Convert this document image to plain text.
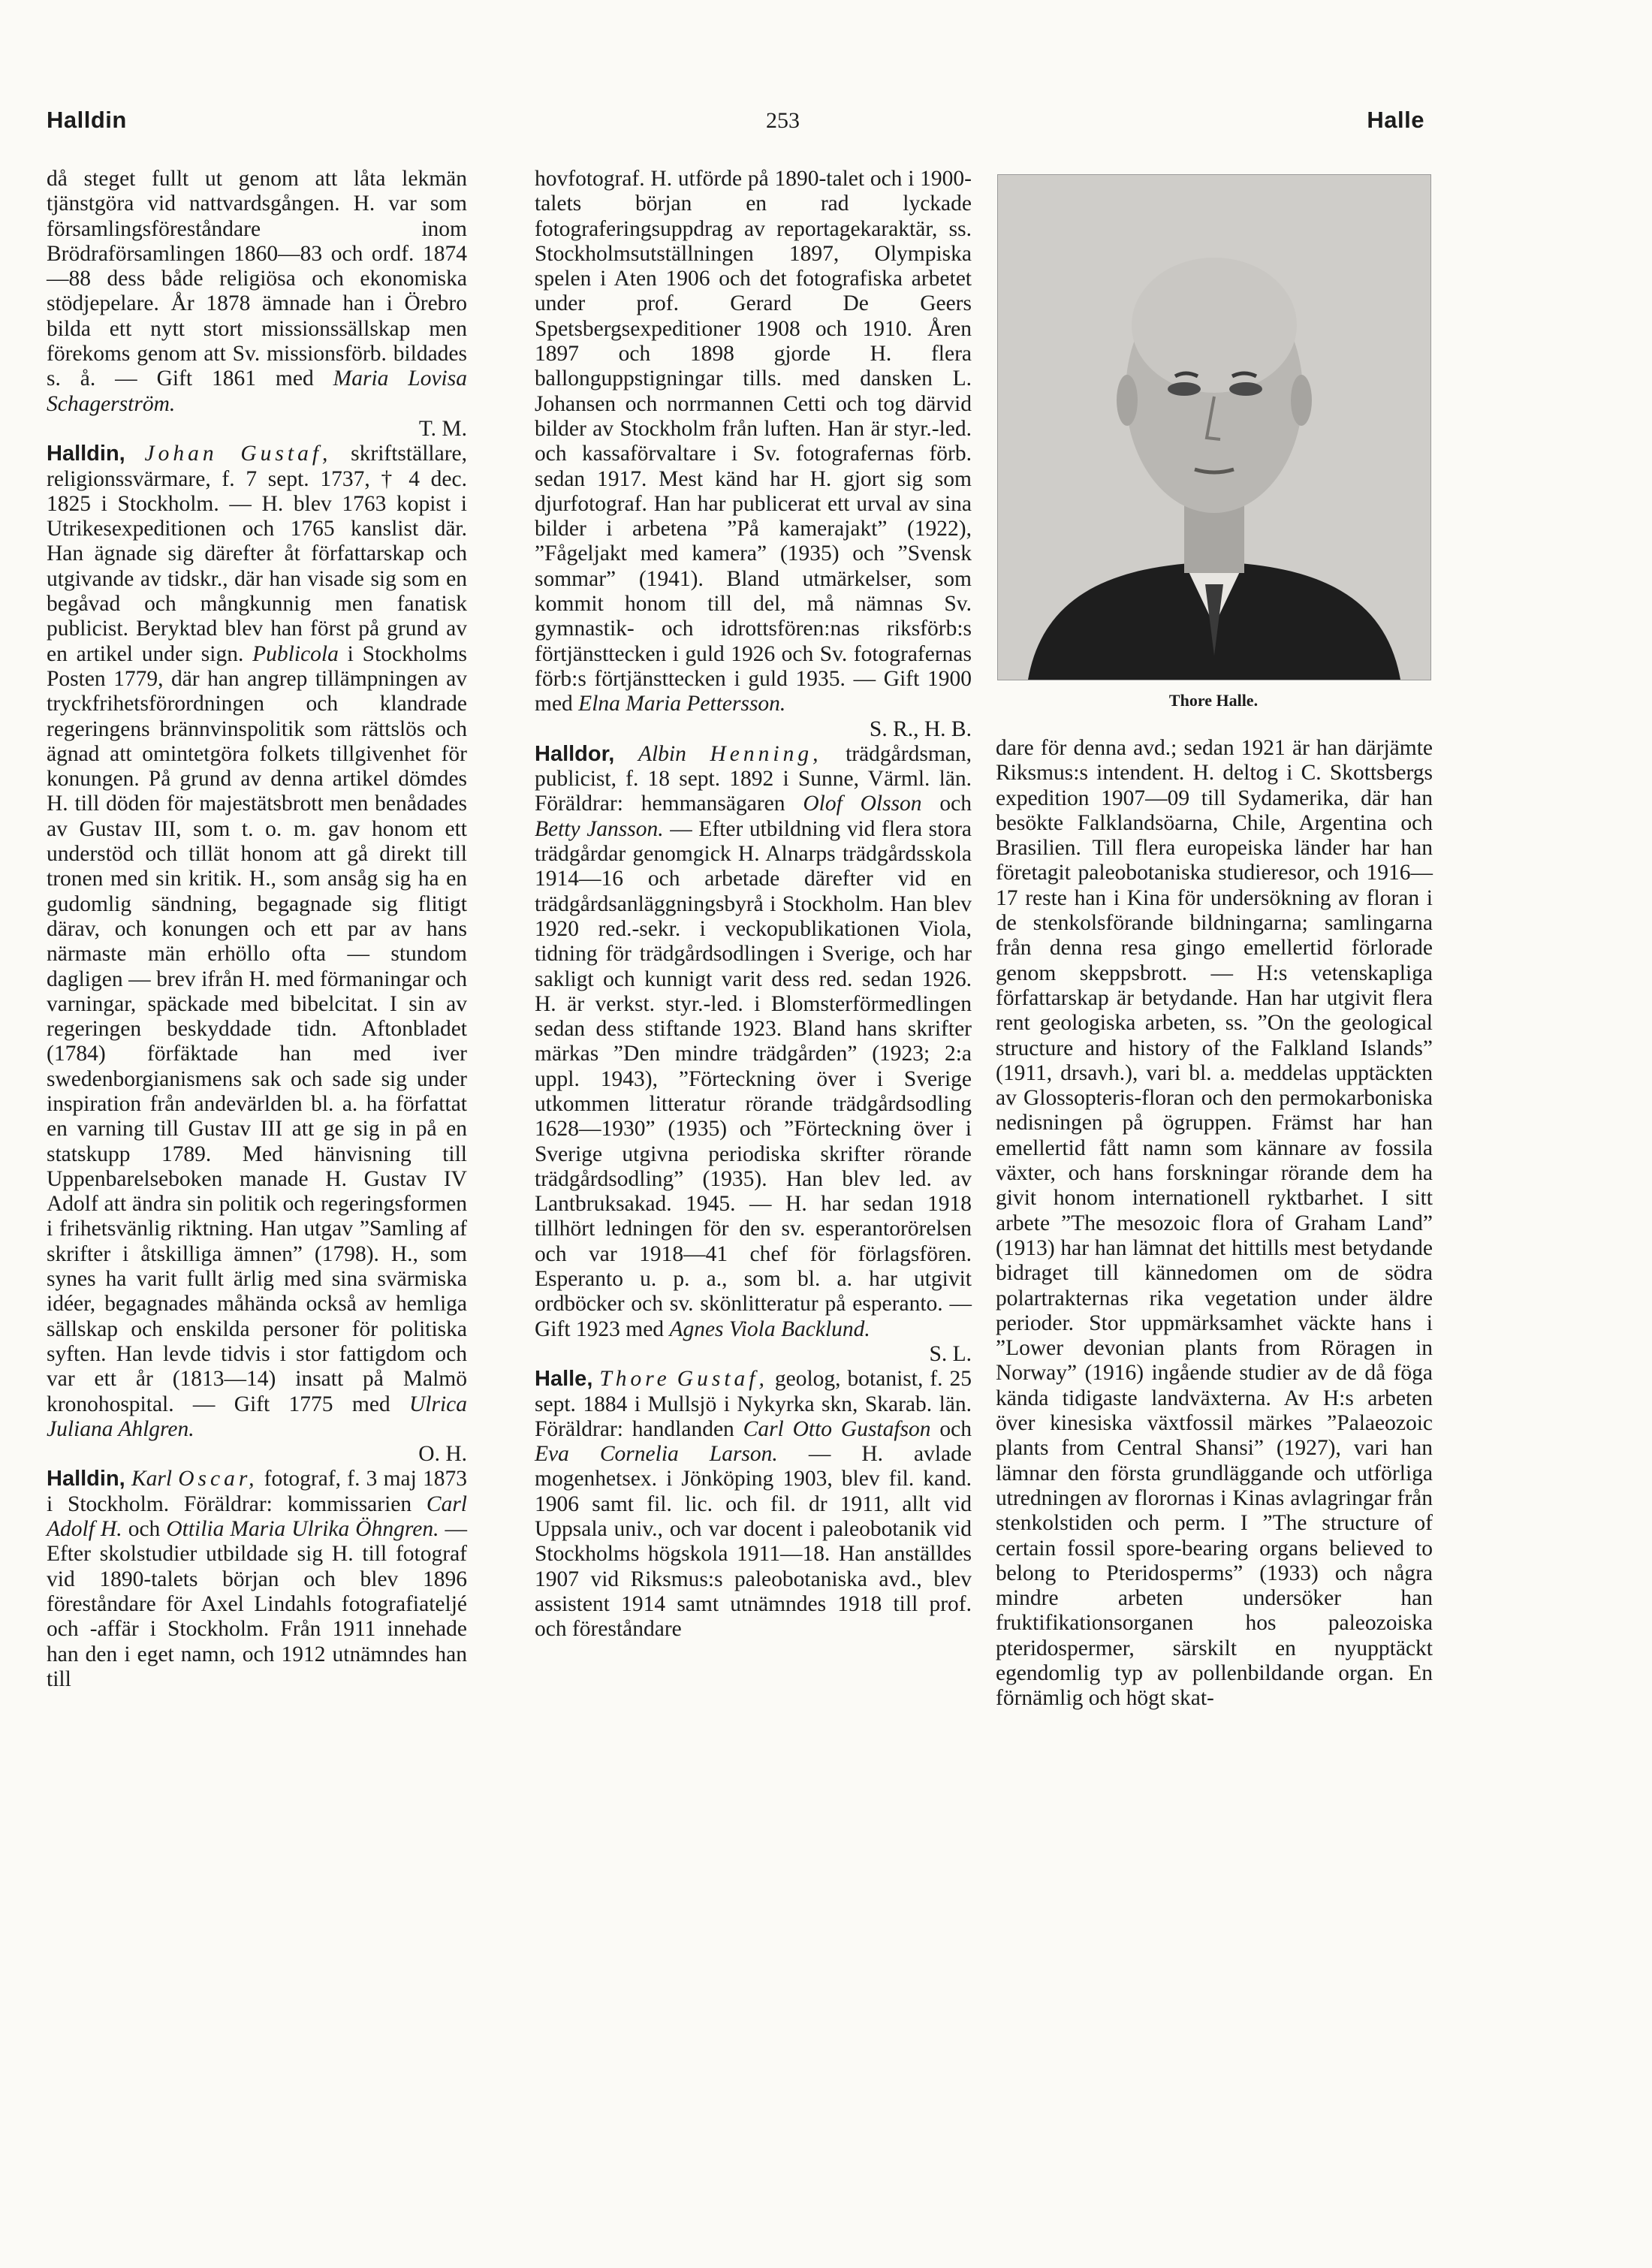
Halldin	253	Halle

då steget fullt ut genom att låta lekmän tjänstgöra vid nattvardsgången. H. var som församlingsföreståndare inom Brödraförsamlingen 1860—83 och ordf. 1874—88 dess både religiösa och ekonomiska stödjepelare. År 1878 ämnade han i Örebro bilda ett nytt stort missionssällskap men förekoms genom att Sv. missionsförb. bildades s. å. — Gift 1861 med Maria Lovisa Schagerström.

T. M.

Halldin, Johan Gustaf, skriftställare, religionssvärmare, f. 7 sept. 1737, † 4 dec. 1825 i Stockholm. — H. blev 1763 kopist i Utrikesexpeditionen och 1765 kanslist där. Han ägnade sig därefter åt författarskap och utgivande av tidskr., där han visade sig som en begåvad och mångkunnig men fanatisk publicist. Beryktad blev han först på grund av en artikel under sign. Publicola i Stockholms Posten 1779, där han angrep tillämpningen av tryckfrihetsförordningen och klandrade regeringens brännvinspolitik som rättslös och ägnad att omintetgöra folkets tillgivenhet för konungen. På grund av denna artikel dömdes H. till döden för majestätsbrott men benådades av Gustav III, som t. o. m. gav honom ett understöd och tillät honom att gå direkt till tronen med sin kritik. H., som ansåg sig ha en gudomlig sändning, begagnade sig flitigt därav, och konungen och ett par av hans närmaste män erhöllo ofta — stundom dagligen — brev ifrån H. med förmaningar och varningar, späckade med bibelcitat. I sin av regeringen beskyddade tidn. Aftonbladet (1784) förfäktade han med iver swedenborgianismens sak och sade sig under inspiration från andevärlden bl. a. ha författat en varning till Gustav III att ge sig in på en statskupp 1789. Med hänvisning till Uppenbarelseboken manade H. Gustav IV Adolf att ändra sin politik och regeringsformen i frihetsvänlig riktning. Han utgav ”Samling af skrifter i åtskilliga ämnen” (1798). H., som synes ha varit fullt ärlig med sina svärmiska idéer, begagnades måhända också av hemliga sällskap och enskilda personer för politiska syften. Han levde tidvis i stor fattigdom och var ett år (1813—14) insatt på Malmö kronohospital. — Gift 1775 med Ulrica Juliana Ahlgren.

O. H.

Halldin, Karl Oscar, fotograf, f. 3 maj 1873 i Stockholm. Föräldrar: kommissarien Carl Adolf H. och Ottilia Maria Ulrika Öhngren. — Efter skolstudier utbildade sig H. till fotograf vid 1890-talets början och blev 1896 föreståndare för Axel Lindahls fotografiateljé och -affär i Stockholm. Från 1911 innehade han den i eget namn, och 1912 utnämndes han till

hovfotograf. H. utförde på 1890-talet och i 1900-talets början en rad lyckade fotograferingsuppdrag av reportagekaraktär, ss. Stockholmsutställningen 1897, Olympiska spelen i Aten 1906 och det fotografiska arbetet under prof. Gerard De Geers Spetsbergsexpeditioner 1908 och 1910. Åren 1897 och 1898 gjorde H. flera ballonguppstigningar tills. med dansken L. Johansen och norrmannen Cetti och tog därvid bilder av Stockholm från luften. Han är styr.-led. och kassaförvaltare i Sv. fotografernas förb. sedan 1917. Mest känd har H. gjort sig som djurfotograf. Han har publicerat ett urval av sina bilder i arbetena ”På kamerajakt” (1922), ”Fågeljakt med kamera” (1935) och ”Svensk sommar” (1941). Bland utmärkelser, som kommit honom till del, må nämnas Sv. gymnastik- och idrottsfören:nas riksförb:s förtjänsttecken i guld 1926 och Sv. fotografernas förb:s förtjänsttecken i guld 1935. — Gift 1900 med Elna Maria Pettersson.

S. R., H. B.

Halldor, Albin Henning, trädgårdsman, publicist, f. 18 sept. 1892 i Sunne, Värml. län. Föräldrar: hemmansägaren Olof Olsson och Betty Jansson. — Efter utbildning vid flera stora trädgårdar genomgick H. Alnarps trädgårdsskola 1914—16 och arbetade därefter vid en trädgårdsanläggningsbyrå i Stockholm. Han blev 1920 red.-sekr. i veckopublikationen Viola, tidning för trädgårdsodlingen i Sverige, och har sakligt och kunnigt varit dess red. sedan 1926. H. är verkst. styr.-led. i Blomsterförmedlingen sedan dess stiftande 1923. Bland hans skrifter märkas ”Den mindre trädgården” (1923; 2:a uppl. 1943), ”Förteckning över i Sverige utkommen litteratur rörande trädgårdsodling 1628—1930” (1935) och ”Förteckning över i Sverige utgivna periodiska skrifter rörande trädgårdsodling” (1935). Han blev led. av Lantbruksakad. 1945. — H. har sedan 1918 tillhört ledningen för den sv. esperantorörelsen och var 1918—41 chef för förlagsfören. Esperanto u. p. a., som bl. a. har utgivit ordböcker och sv. skönlitteratur på esperanto. — Gift 1923 med Agnes Viola Backlund.

S. L.

Halle, Thore Gustaf, geolog, botanist, f. 25 sept. 1884 i Mullsjö i Nykyrka skn, Skarab. län. Föräldrar: handlanden Carl Otto Gustafson och Eva Cornelia Larson. — H. avlade mogenhetsex. i Jönköping 1903, blev fil. kand. 1906 samt fil. lic. och fil. dr 1911, allt vid Uppsala univ., och var docent i paleobotanik vid Stockholms högskola 1911—18. Han anställdes 1907 vid Riksmus:s paleobotaniska avd., blev assistent 1914 samt utnämndes 1918 till prof. och föreståndare

Thore Halle.

dare för denna avd.; sedan 1921 är han därjämte Riksmus:s intendent. H. deltog i C. Skottsbergs expedition 1907—09 till Sydamerika, där han besökte Falklandsöarna, Chile, Argentina och Brasilien. Till flera europeiska länder har han företagit paleobotaniska studieresor, och 1916—17 reste han i Kina för undersökning av floran i de stenkolsförande bildningarna; samlingarna från denna resa gingo emellertid förlorade genom skeppsbrott. — H:s vetenskapliga författarskap är betydande. Han har utgivit flera rent geologiska arbeten, ss. ”On the geological structure and history of the Falkland Islands” (1911, drsavh.), vari bl. a. meddelas upptäckten av Glossopteris-floran och den permokarboniska nedisningen på ögruppen. Främst har han emellertid fått namn som kännare av fossila växter, och hans forskningar rörande dem ha givit honom internationell ryktbarhet. I sitt arbete ”The mesozoic flora of Graham Land” (1913) har han lämnat det hittills mest betydande bidraget till kännedomen om de södra polartrakternas rika vegetation under äldre perioder. Stor uppmärksamhet väckte hans i ”Lower devonian plants from Röragen in Norway” (1916) ingående studier av de då föga kända tidigaste landväxterna. Av H:s arbeten över kinesiska växtfossil märkes ”Palaeozoic plants from Central Shansi” (1927), vari han lämnar den första grundläggande och utförliga utredningen av florornas i Kinas avlagringar från stenkolstiden och perm. I ”The structure of certain fossil spore-bearing organs believed to belong to Pteridosperms” (1933) och några mindre arbeten undersöker han fruktifikationsorganen hos paleozoiska pteridospermer, särskilt en nyupptäckt egendomlig typ av pollenbildande organ. En förnämlig och högt skat-
